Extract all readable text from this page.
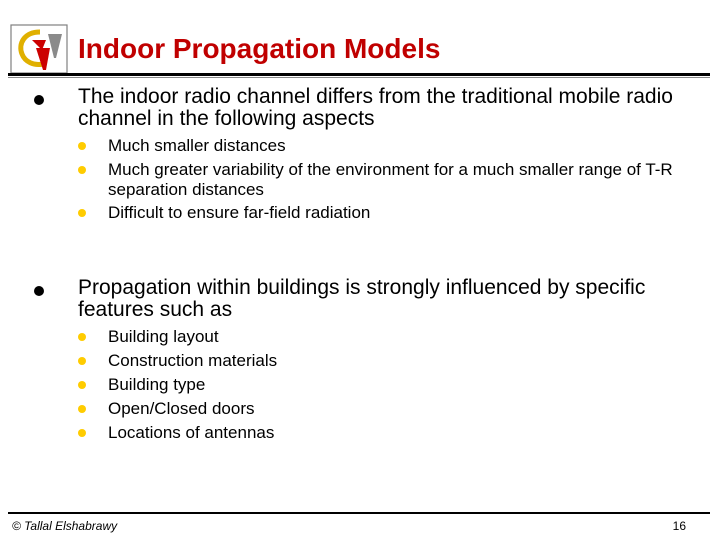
Indoor Propagation Models
The indoor radio channel differs from the traditional mobile radio channel in the following aspects
Much smaller distances
Much greater variability of the environment for a much smaller range of T-R separation distances
Difficult to ensure far-field radiation
Propagation within buildings is strongly influenced by specific features such as
Building layout
Construction materials
Building type
Open/Closed doors
Locations of antennas
© Tallal Elshabrawy	16
